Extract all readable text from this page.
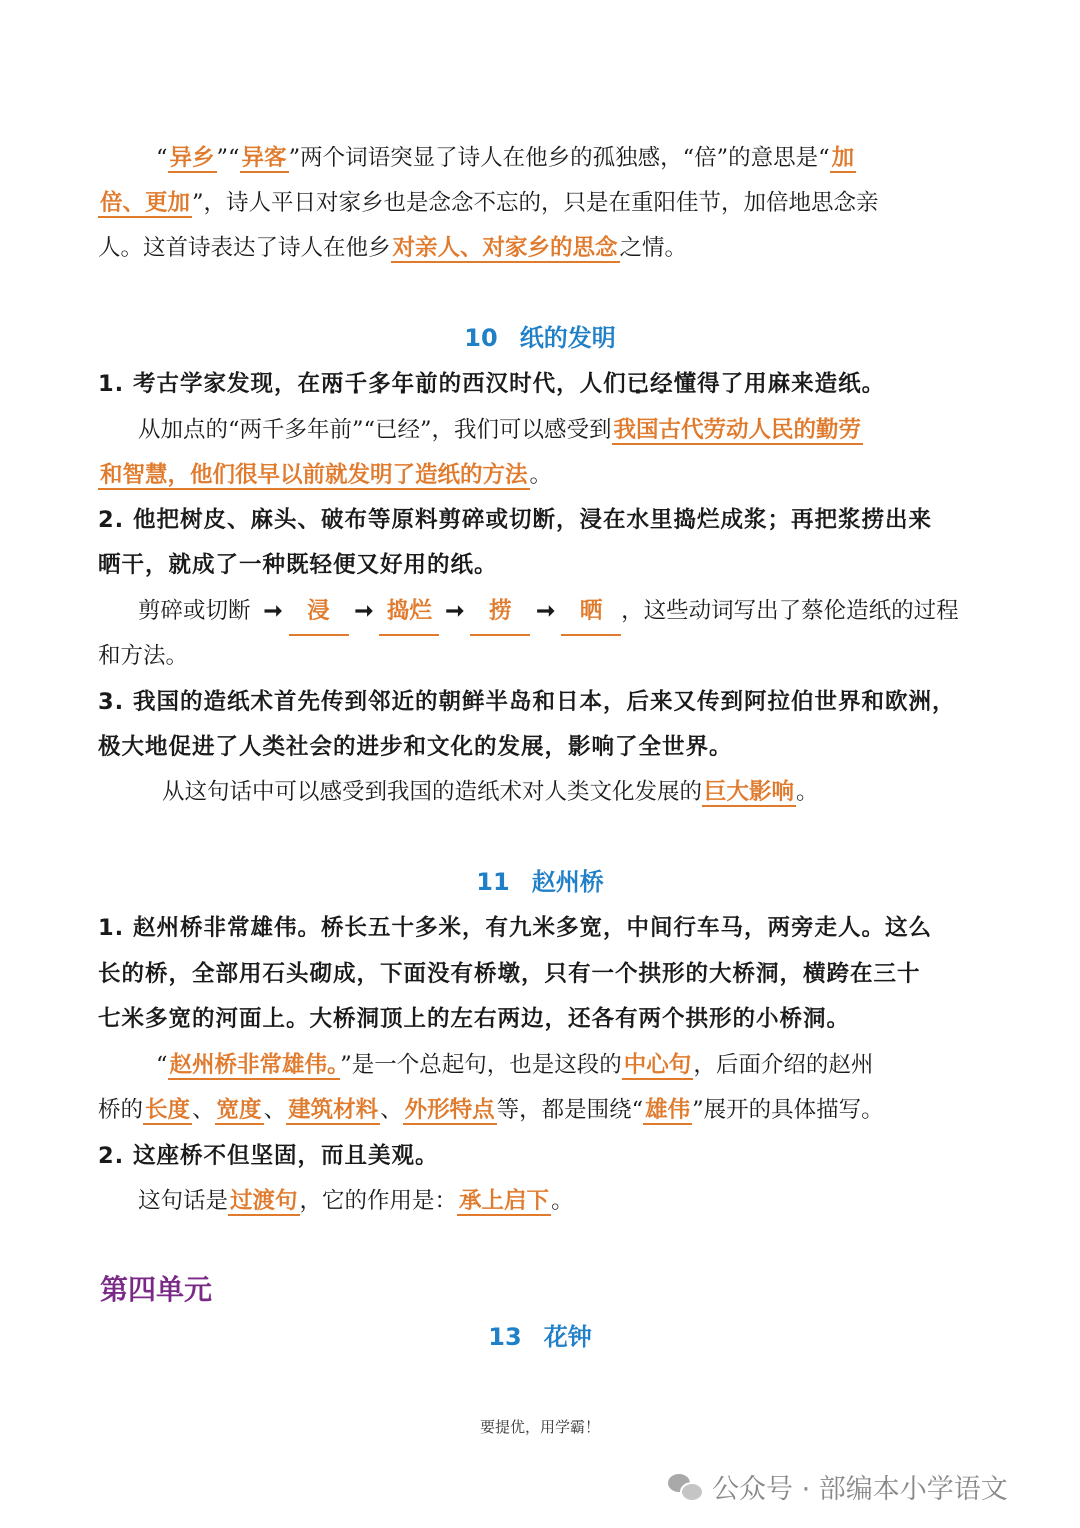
“异乡”“异客”两个词语突显了诗人在他乡的孤独感，“倍”的意思是“加
倍、更加”，诗人平日对家乡也是念念不忘的，只是在重阳佳节，加倍地思念亲
人。这首诗表达了诗人在他乡对亲人、对家乡的思念之情。
10 纸的发明
1. 考古学家发现，在两千多年前的西汉时代，人们已经懂得了用麻来造纸。
从加点的“两千多年前”“已经”，我们可以感受到我国古代劳动人民的勤劳
和智慧，他们很早以前就发明了造纸的方法。
2. 他把树皮、麻头、破布等原料剪碎或切断，浸在水里捣烂成浆；再把浆捞出来
晒干，就成了一种既轻便又好用的纸。
剪碎或切断 ➞ 浸 ➞ 捣烂 ➞ 捞 ➞ 晒 ，这些动词写出了蔡伦造纸的过程
和方法。
3. 我国的造纸术首先传到邻近的朝鲜半岛和日本，后来又传到阿拉伯世界和欧洲，
极大地促进了人类社会的进步和文化的发展，影响了全世界。
从这句话中可以感受到我国的造纸术对人类文化发展的巨大影响。
11 赵州桥
1. 赵州桥非常雄伟。桥长五十多米，有九米多宽，中间行车马，两旁走人。这么
长的桥，全部用石头砌成，下面没有桥墩，只有一个拱形的大桥洞，横跨在三十
七米多宽的河面上。大桥洞顶上的左右两边，还各有两个拱形的小桥洞。
“赵州桥非常雄伟。”是一个总起句，也是这段的中心句，后面介绍的赵州
桥的长度、宽度、建筑材料、外形特点等，都是围绕“雄伟”展开的具体描写。
2. 这座桥不但坚固，而且美观。
这句话是过渡句，它的作用是：承上启下。
第四单元
13 花钟
要提优，用学霸！
公众号 · 部编本小学语文
